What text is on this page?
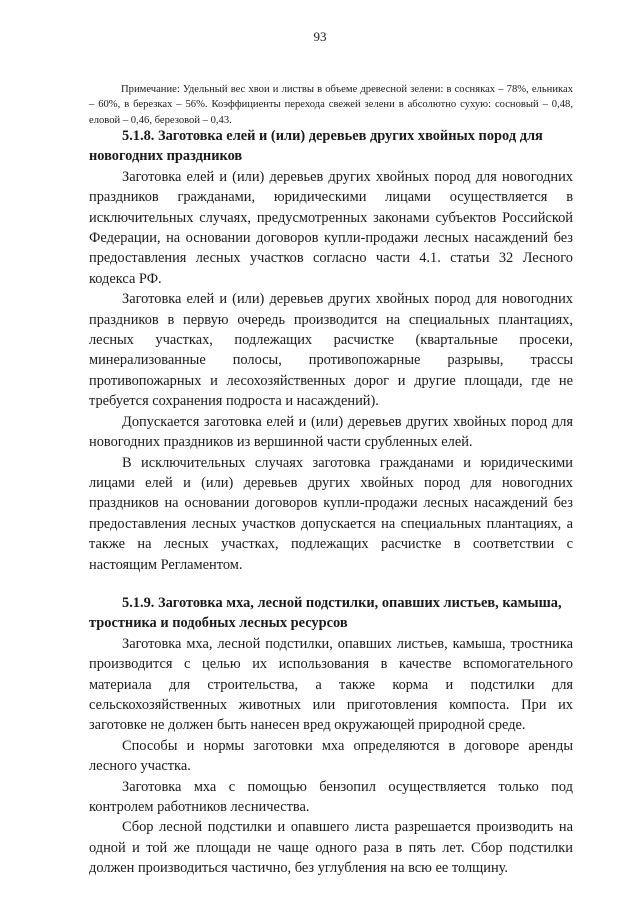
93

Примечание: Удельный вес хвои и листвы в объеме древесной зелени: в сосняках – 78%, ельниках – 60%, в березках – 56%. Коэффициенты перехода свежей зелени в абсолютно сухую: сосновый – 0,48, еловой – 0,46, березовой – 0,43.

5.1.8. Заготовка елей и (или) деревьев других хвойных пород для новогодних праздников

Заготовка елей и (или) деревьев других хвойных пород для новогодних праздников гражданами, юридическими лицами осуществляется в исключительных случаях, предусмотренных законами субъектов Российской Федерации, на основании договоров купли-продажи лесных насаждений без предоставления лесных участков согласно части 4.1. статьи 32 Лесного кодекса РФ.

Заготовка елей и (или) деревьев других хвойных пород для новогодних праздников в первую очередь производится на специальных плантациях, лесных участках, подлежащих расчистке (квартальные просеки, минерализованные полосы, противопожарные разрывы, трассы противопожарных и лесохозяйственных дорог и другие площади, где не требуется сохранения подроста и насаждений).

Допускается заготовка елей и (или) деревьев других хвойных пород для новогодних праздников из вершинной части срубленных елей.

В исключительных случаях заготовка гражданами и юридическими лицами елей и (или) деревьев других хвойных пород для новогодних праздников на основании договоров купли-продажи лесных насаждений без предоставления лесных участков допускается на специальных плантациях, а также на лесных участках, подлежащих расчистке в соответствии с настоящим Регламентом.

5.1.9. Заготовка мха, лесной подстилки, опавших листьев, камыша, тростника и подобных лесных ресурсов

Заготовка мха, лесной подстилки, опавших листьев, камыша, тростника производится с целью их использования в качестве вспомогательного материала для строительства, а также корма и подстилки для сельскохозяйственных животных или приготовления компоста. При их заготовке не должен быть нанесен вред окружающей природной среде.

Способы и нормы заготовки мха определяются в договоре аренды лесного участка.

Заготовка мха с помощью бензопил осуществляется только под контролем работников лесничества.

Сбор лесной подстилки и опавшего листа разрешается производить на одной и той же площади не чаще одного раза в пять лет. Сбор подстилки должен производиться частично, без углубления на всю ее толщину.
